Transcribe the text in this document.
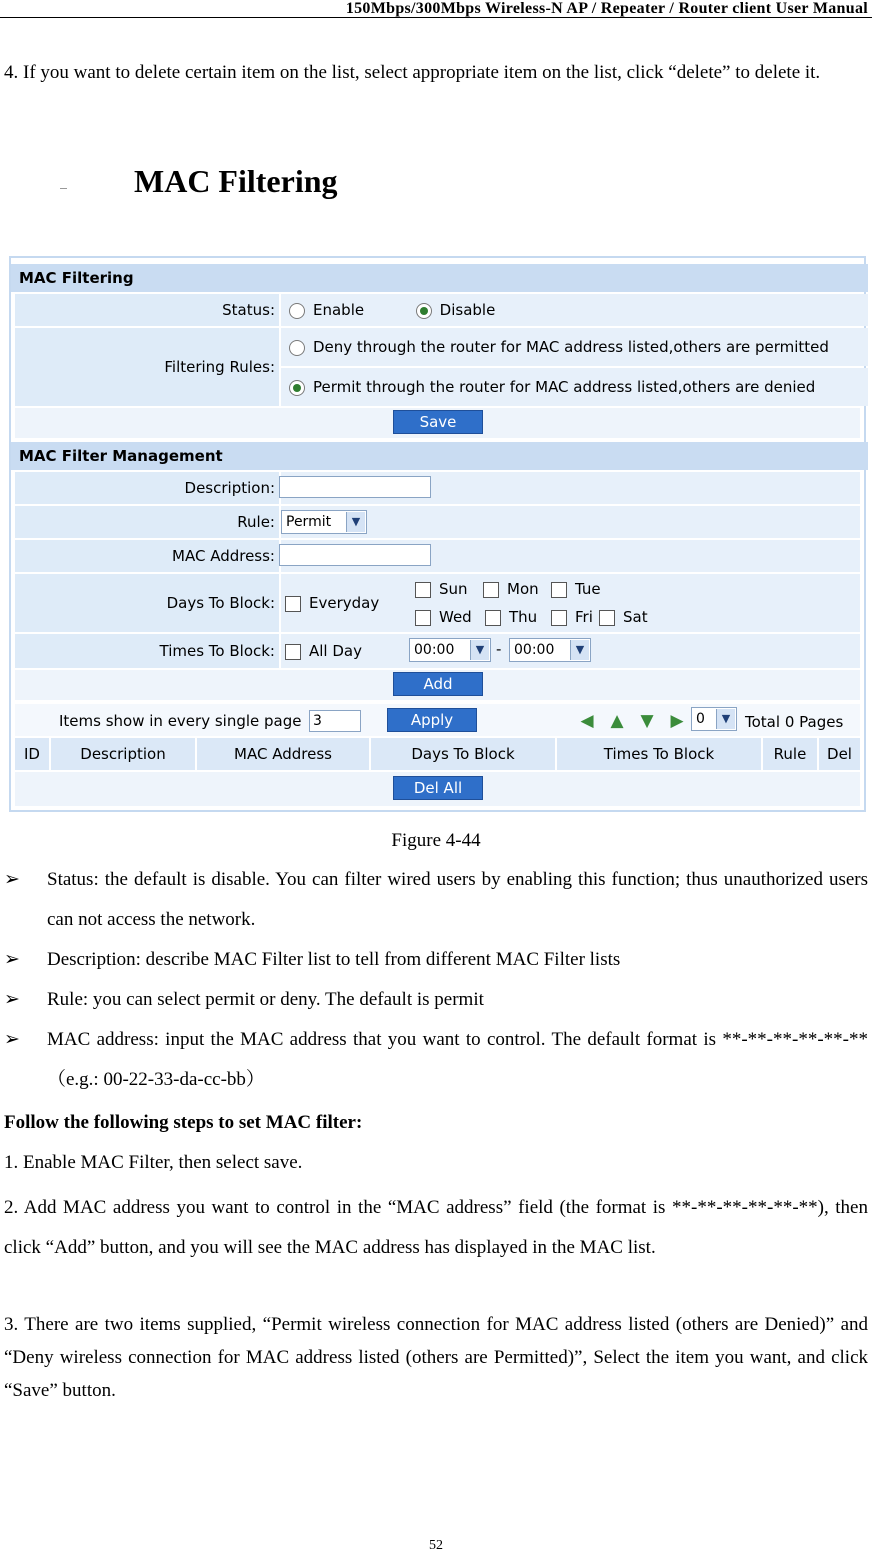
150Mbps/300Mbps Wireless-N AP / Repeater / Router client User Manual
4. If you want to delete certain item on the list, select appropriate item on the list, click “delete” to delete it.
MAC Filtering
MAC Filtering
Status:	Enable	Disable
Filtering Rules:
Deny through the router for MAC address listed,others are permitted
Permit through the router for MAC address listed,others are denied
Save
MAC Filter Management
Description:
Rule: Permit	▼
MAC Address:
Days To Block:	Everyday
Sun	Mon	Tue
Wed	Thu	Fri	Sat
Times To Block:	All Day	00:00	▼ - 00:00	▼
Add
Items show in every single page 3	Apply	◀ ▲ ▼ ▶ 0	▼ Total 0 Pages
ID	Description	MAC Address	Days To Block	Times To Block	Rule	Del
Del All
Figure 4-44
➢	Status: the default is disable. You can filter wired users by enabling this function; thus unauthorized users can not access the network.
➢	Description: describe MAC Filter list to tell from different MAC Filter lists
➢	Rule: you can select permit or deny. The default is permit
➢	MAC address: input the MAC address that you want to control. The default format is **-**-**-**-**-**（e.g.: 00-22-33-da-cc-bb）
Follow the following steps to set MAC filter:
1. Enable MAC Filter, then select save.
2. Add MAC address you want to control in the “MAC address” field (the format is **-**-**-**-**-**), then click “Add” button, and you will see the MAC address has displayed in the MAC list.
3. There are two items supplied, “Permit wireless connection for MAC address listed (others are Denied)” and “Deny wireless connection for MAC address listed (others are Permitted)”, Select the item you want, and click “Save” button.
52
